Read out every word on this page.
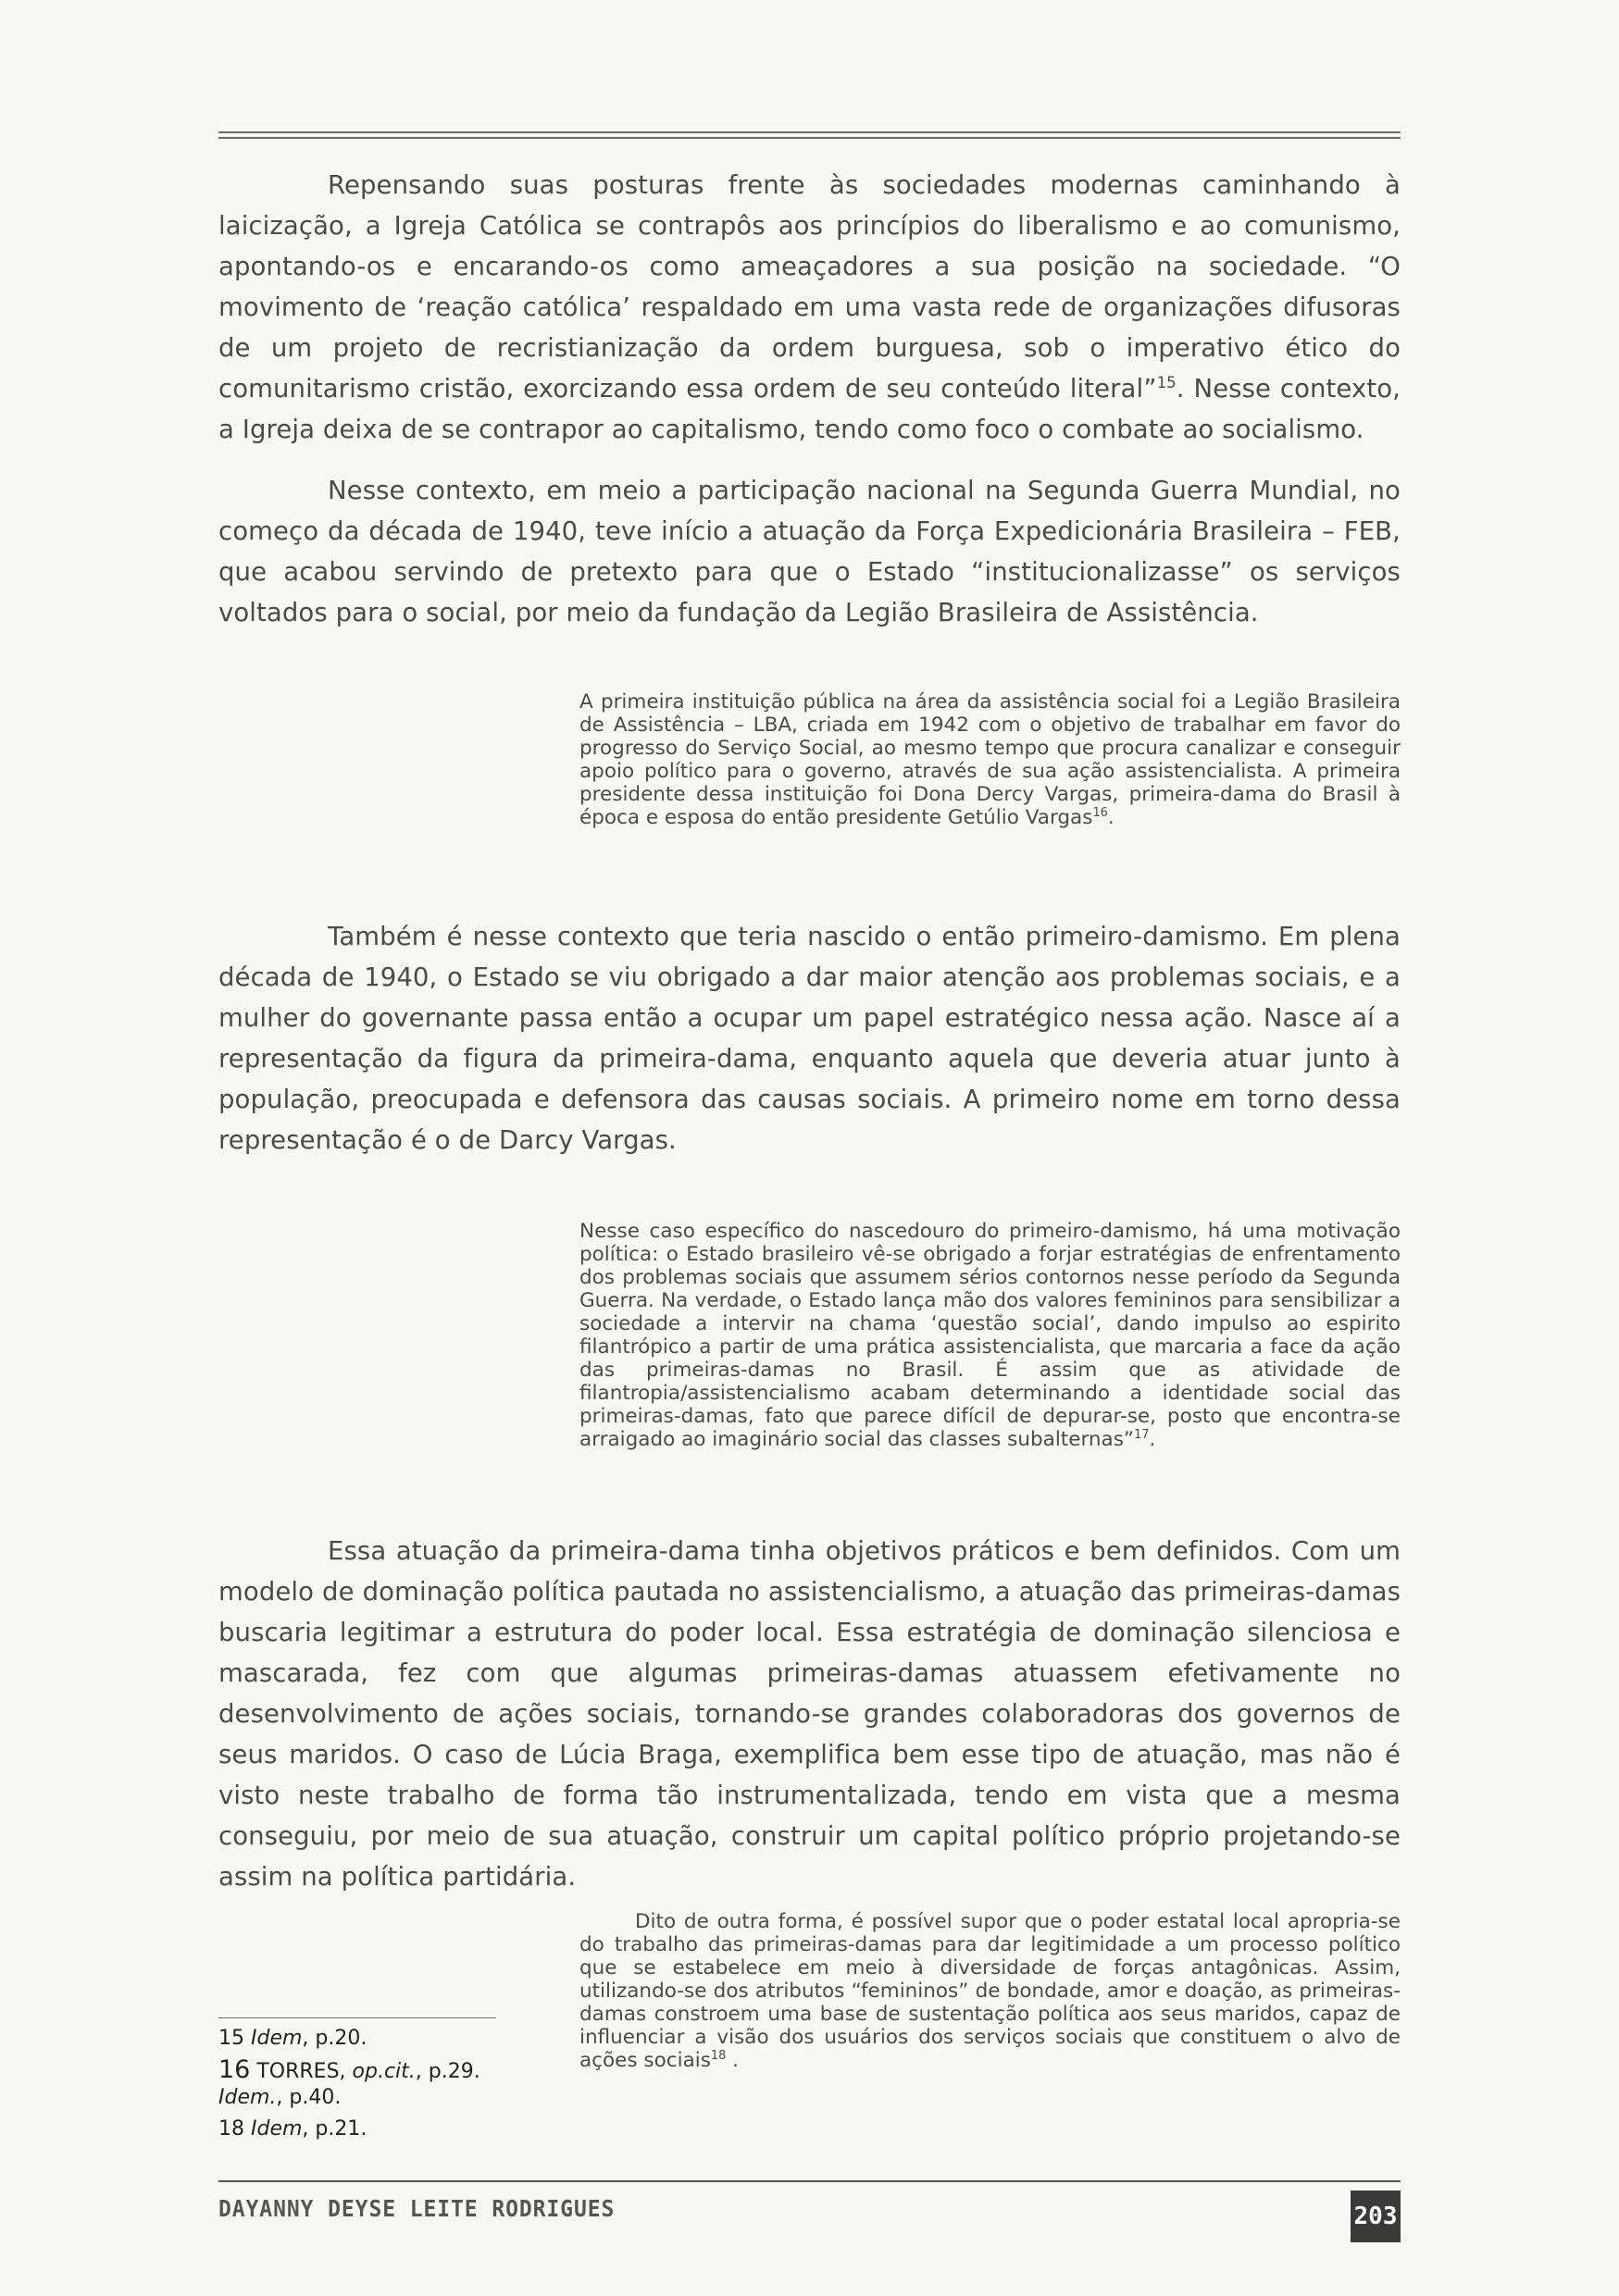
Repensando suas posturas frente às sociedades modernas caminhando à laicização, a Igreja Católica se contrapôs aos princípios do liberalismo e ao comunismo, apontando-os e encarando-os como ameaçadores a sua posição na sociedade. “O movimento de ‘reação católica’ respaldado em uma vasta rede de organizações difusoras de um projeto de recristianização da ordem burguesa, sob o imperativo ético do comunitarismo cristão, exorcizando essa ordem de seu conteúdo literal”$^{15}$. Nesse contexto, a Igreja deixa de se contrapor ao capitalismo, tendo como foco o combate ao socialismo.

Nesse contexto, em meio a participação nacional na Segunda Guerra Mundial, no começo da década de 1940, teve início a atuação da Força Expedicionária Brasileira – FEB, que acabou servindo de pretexto para que o Estado “institucionalizasse” os serviços voltados para o social, por meio da fundação da Legião Brasileira de Assistência.

A primeira instituição pública na área da assistência social foi a Legião Brasileira de Assistência – LBA, criada em 1942 com o objetivo de trabalhar em favor do progresso do Serviço Social, ao mesmo tempo que procura canalizar e conseguir apoio político para o governo, através de sua ação assistencialista. A primeira presidente dessa instituição foi Dona Dercy Vargas, primeira-dama do Brasil à época e esposa do então presidente Getúlio Vargas$^{16}$.

Também é nesse contexto que teria nascido o então primeiro-damismo. Em plena década de 1940, o Estado se viu obrigado a dar maior atenção aos problemas sociais, e a mulher do governante passa então a ocupar um papel estratégico nessa ação. Nasce aí a representação da figura da primeira-dama, enquanto aquela que deveria atuar junto à população, preocupada e defensora das causas sociais. A primeiro nome em torno dessa representação é o de Darcy Vargas.

Nesse caso específico do nascedouro do primeiro-damismo, há uma motivação política: o Estado brasileiro vê-se obrigado a forjar estratégias de enfrentamento dos problemas sociais que assumem sérios contornos nesse período da Segunda Guerra. Na verdade, o Estado lança mão dos valores femininos para sensibilizar a sociedade a intervir na chama ‘questão social’, dando impulso ao espirito filantrópico a partir de uma prática assistencialista, que marcaria a face da ação das primeiras-damas no Brasil. É assim que as atividade de filantropia/assistencialismo acabam determinando a identidade social das primeiras-damas, fato que parece difícil de depurar-se, posto que encontra-se arraigado ao imaginário social das classes subalternas”$^{17}$.

Essa atuação da primeira-dama tinha objetivos práticos e bem definidos. Com um modelo de dominação política pautada no assistencialismo, a atuação das primeiras-damas buscaria legitimar a estrutura do poder local. Essa estratégia de dominação silenciosa e mascarada, fez com que algumas primeiras-damas atuassem efetivamente no desenvolvimento de ações sociais, tornando-se grandes colaboradoras dos governos de seus maridos. O caso de Lúcia Braga, exemplifica bem esse tipo de atuação, mas não é visto neste trabalho de forma tão instrumentalizada, tendo em vista que a mesma conseguiu, por meio de sua atuação, construir um capital político próprio projetando-se assim na política partidária.

Dito de outra forma, é possível supor que o poder estatal local apropria-se do trabalho das primeiras-damas para dar legitimidade a um processo político que se estabelece em meio à diversidade de forças antagônicas. Assim, utilizando-se dos atributos “femininos” de bondade, amor e doação, as primeiras-damas constroem uma base de sustentação política aos seus maridos, capaz de influenciar a visão dos usuários dos serviços sociais que constituem o alvo de ações sociais$^{18}$ .

15 Idem, p.20.
16 TORRES, op.cit., p.29.
Idem., p.40.
18 Idem, p.21.
DAYANNY DEYSE LEITE RODRIGUES	203
